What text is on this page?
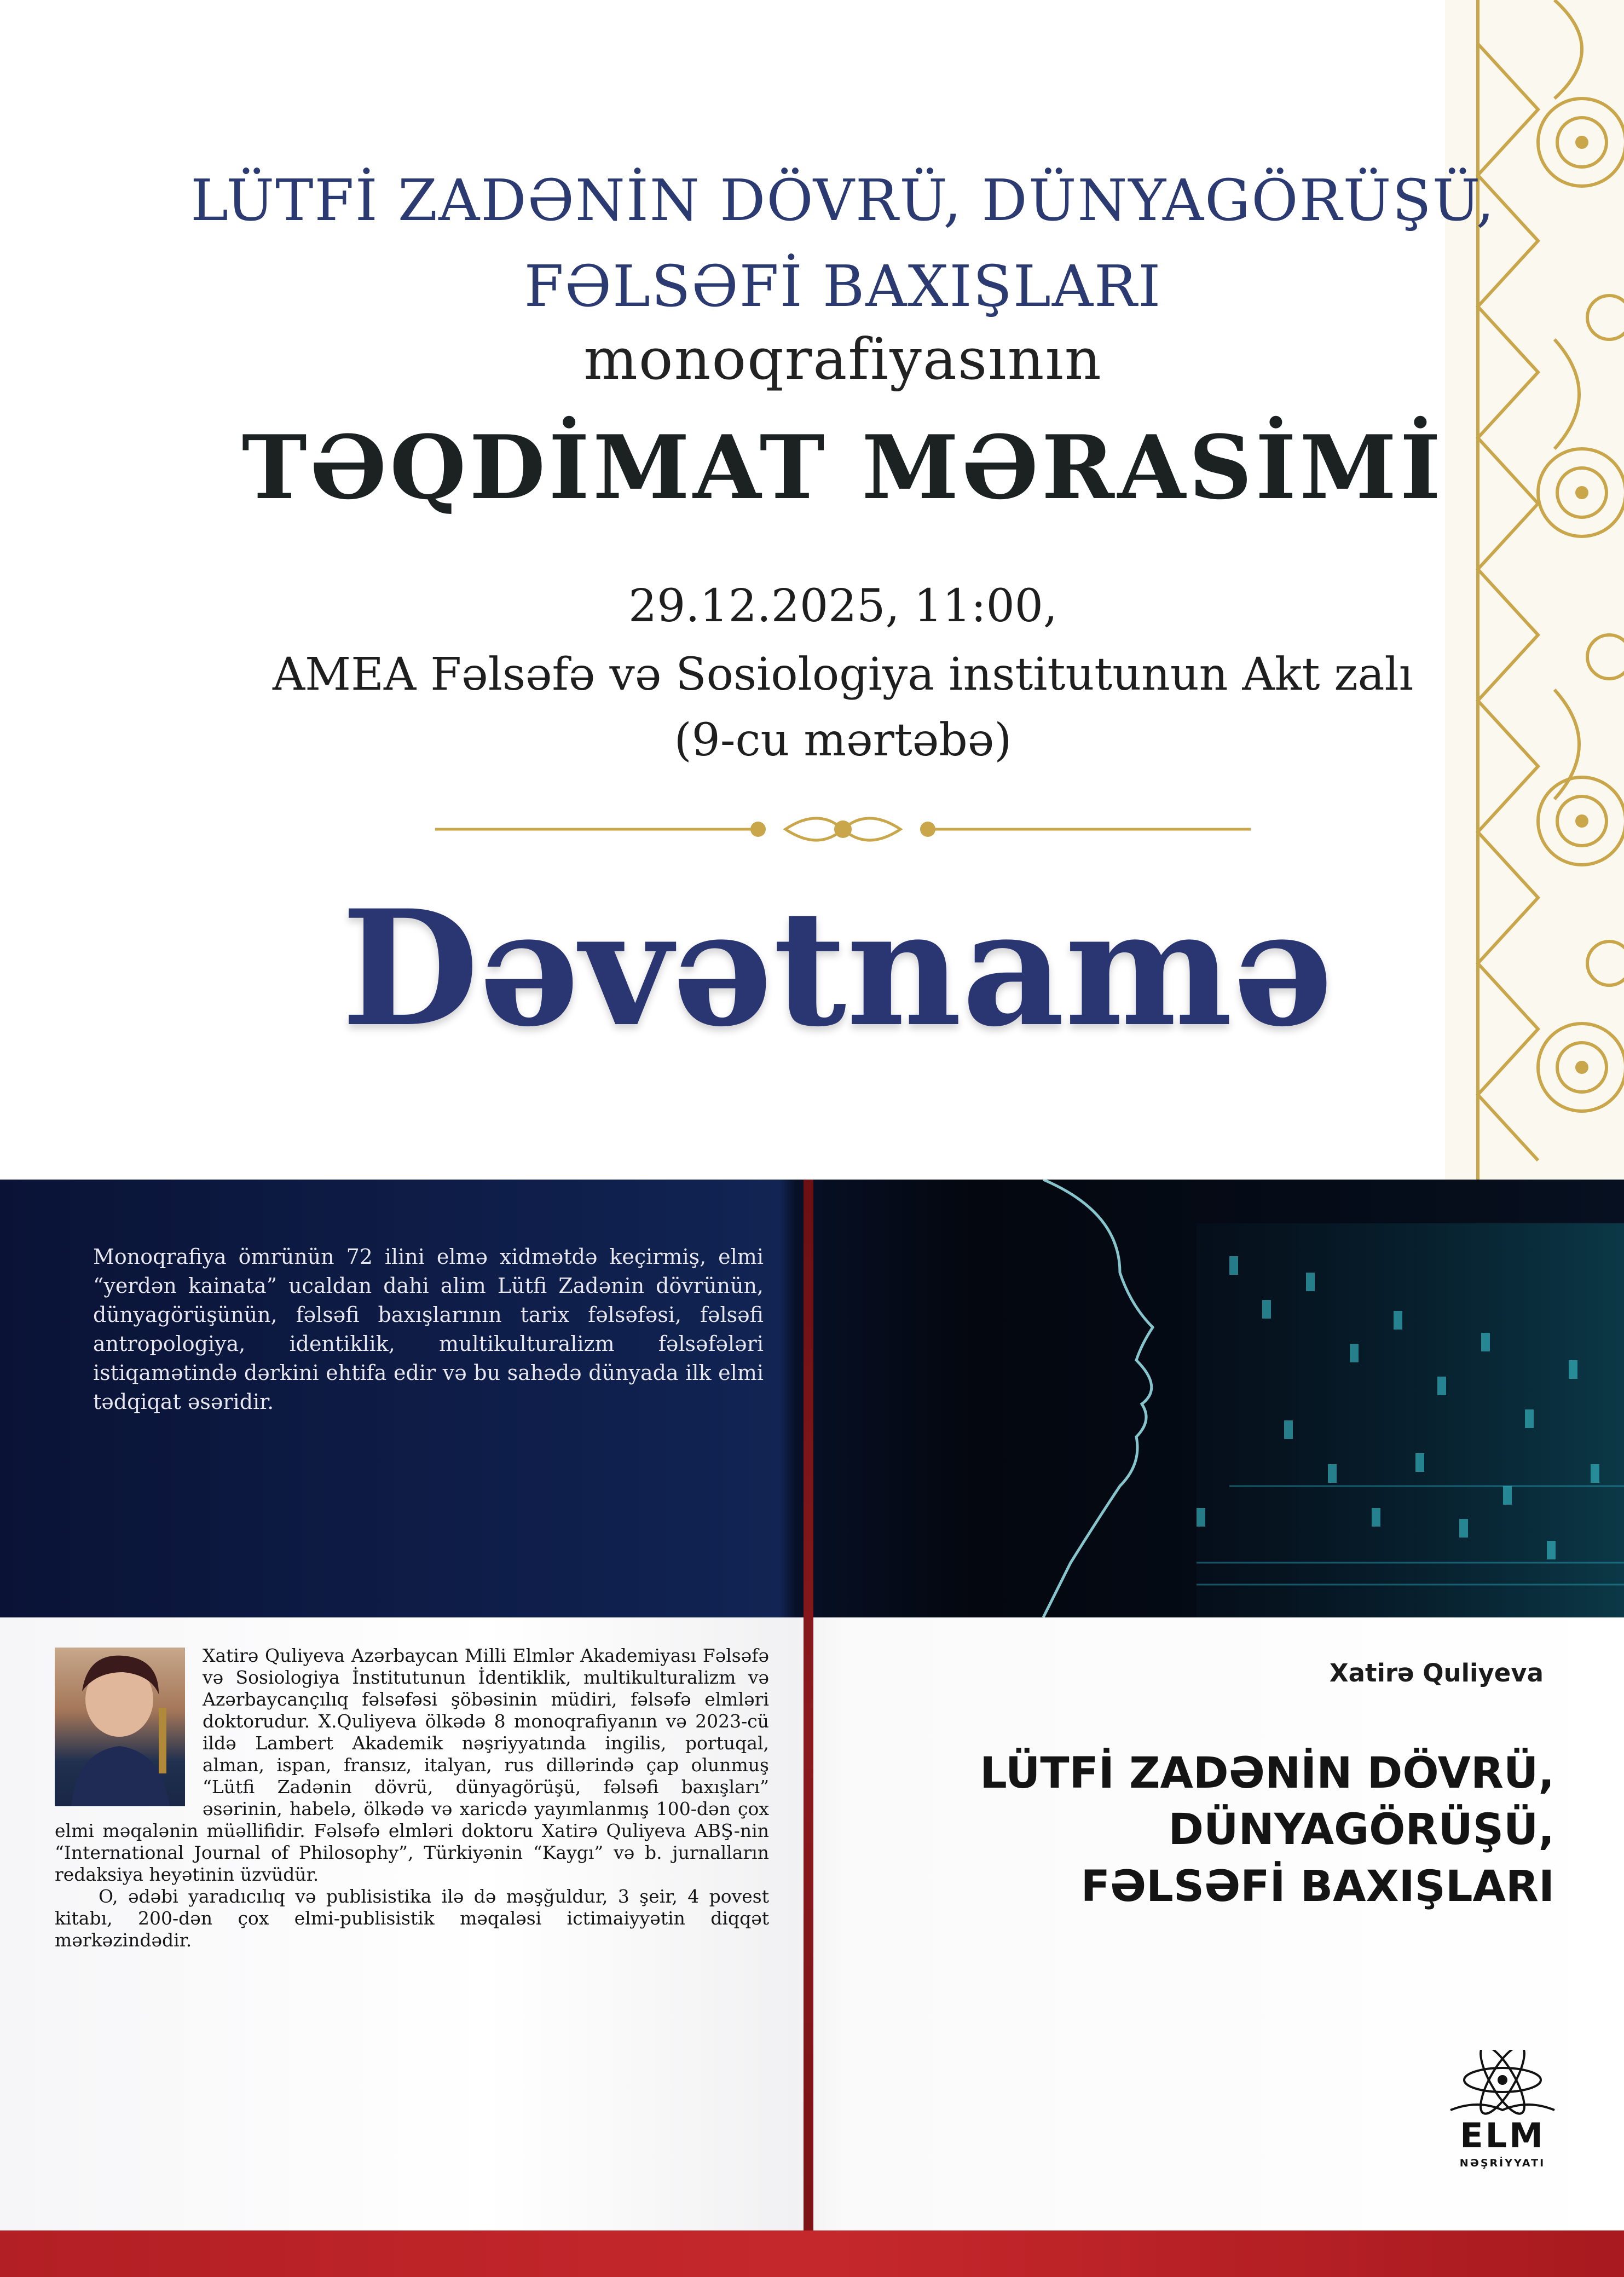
LÜTFİ ZADƏNİN DÖVRÜ, DÜNYAGÖRÜŞÜ,
FƏLSƏFİ BAXIŞLARI
monoqrafiyasının
TƏQDİMAT MƏRASİMİ
29.12.2025, 11:00,
AMEA Fəlsəfə və Sosiologiya institutunun Akt zalı
(9-cu mərtəbə)
Dəvətnamə
Monoqrafiya ömrünün 72 ilini elmə xidmətdə keçirmiş, elmi “yerdən kainata” ucaldan dahi alim Lütfi Zadənin dövrünün, dünyagörüşünün, fəlsəfi baxışlarının tarix fəlsəfəsi, fəlsəfi antropologiya, identiklik, multikulturalizm fəlsəfələri istiqamətində dərkini ehtifa edir və bu sahədə dünyada ilk elmi tədqiqat əsəridir.

Xatirə Quliyeva Azərbaycan Milli Elmlər Akademiyası Fəlsəfə və Sosiologiya İnstitutunun İdentiklik, multikulturalizm və Azərbaycançılıq fəlsəfəsi şöbəsinin müdiri, fəlsəfə elmləri doktorudur. X.Quliyeva ölkədə 8 monoqrafiyanın və 2023-cü ildə Lambert Akademik nəşriyyatında ingilis, portuqal, alman, ispan, fransız, italyan, rus dillərində çap olunmuş “Lütfi Zadənin dövrü, dünyagörüşü, fəlsəfi baxışları” əsərinin, habelə, ölkədə və xaricdə yayımlanmış 100-dən çox elmi məqalənin müəllifidir. Fəlsəfə elmləri doktoru Xatirə Quliyeva ABŞ-nin “International Journal of Philosophy”, Türkiyənin “Kaygı” və b. jurnalların redaksiya heyətinin üzvüdür.

O, ədəbi yaradıcılıq və publisistika ilə də məşğuldur, 3 şeir, 4 povest kitabı, 200-dən çox elmi-publisistik məqaləsi ictimaiyyətin diqqət mərkəzindədir.

Xatirə Quliyeva
LÜTFİ ZADƏNİN DÖVRÜ,
DÜNYAGÖRÜŞÜ,
FƏLSƏFİ BAXIŞLARI
ELM
NƏŞRİYYATI
